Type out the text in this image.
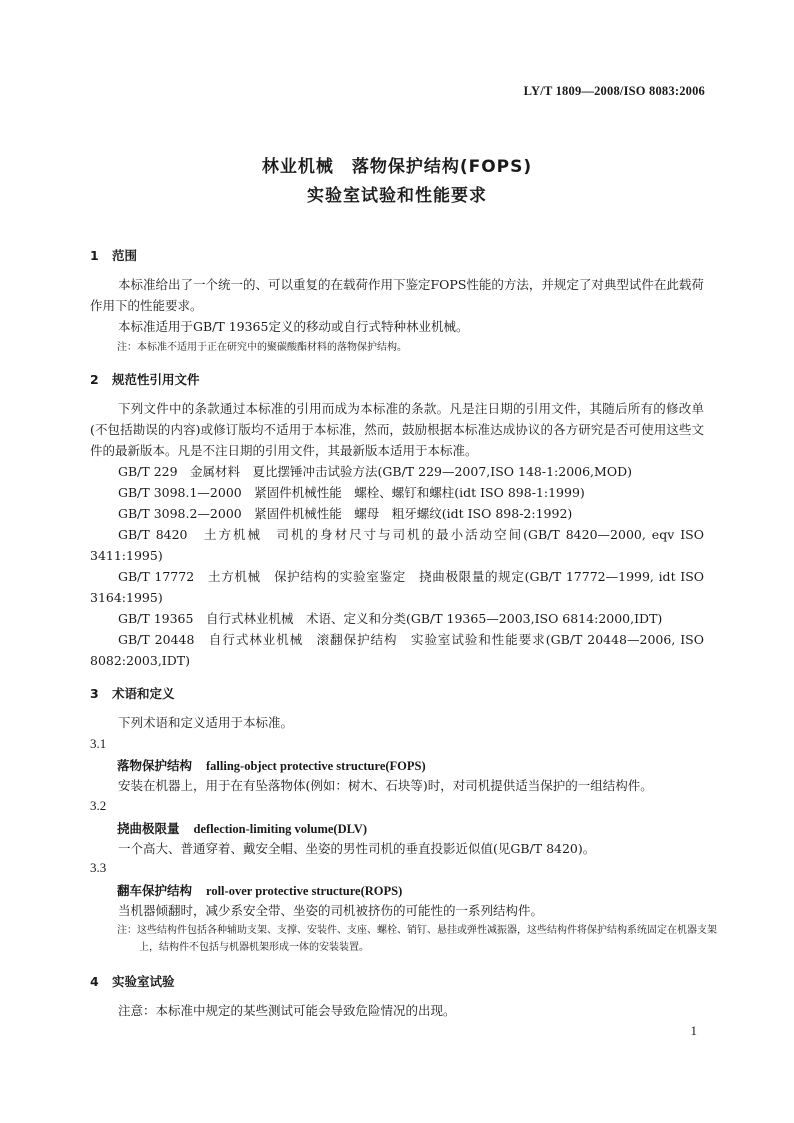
LY/T 1809—2008/ISO 8083:2006
林业机械　落物保护结构(FOPS)
实验室试验和性能要求
1 范围
本标准给出了一个统一的、可以重复的在载荷作用下鉴定FOPS性能的方法，并规定了对典型试件在此载荷作用下的性能要求。
本标准适用于GB/T 19365定义的移动或自行式特种林业机械。
注：本标准不适用于正在研究中的聚碳酸酯材料的落物保护结构。
2 规范性引用文件
下列文件中的条款通过本标准的引用而成为本标准的条款。凡是注日期的引用文件，其随后所有的修改单(不包括勘误的内容)或修订版均不适用于本标准，然而，鼓励根据本标准达成协议的各方研究是否可使用这些文件的最新版本。凡是不注日期的引用文件，其最新版本适用于本标准。
GB/T 229　金属材料　夏比摆锤冲击试验方法(GB/T 229—2007,ISO 148-1:2006,MOD)
GB/T 3098.1—2000　紧固件机械性能　螺栓、螺钉和螺柱(idt ISO 898-1:1999)
GB/T 3098.2—2000　紧固件机械性能　螺母　粗牙螺纹(idt ISO 898-2:1992)
GB/T 8420　土方机械　司机的身材尺寸与司机的最小活动空间(GB/T 8420—2000, eqv ISO 3411:1995)
GB/T 17772　土方机械　保护结构的实验室鉴定　挠曲极限量的规定(GB/T 17772—1999, idt ISO 3164:1995)
GB/T 19365　自行式林业机械　术语、定义和分类(GB/T 19365—2003,ISO 6814:2000,IDT)
GB/T 20448　自行式林业机械　滚翻保护结构　实验室试验和性能要求(GB/T 20448—2006, ISO 8082:2003,IDT)
3 术语和定义
下列术语和定义适用于本标准。
3.1
落物保护结构 falling-object protective structure(FOPS)
安装在机器上，用于在有坠落物体(例如：树木、石块等)时，对司机提供适当保护的一组结构件。
3.2
挠曲极限量 deflection-limiting volume(DLV)
一个高大、普通穿着、戴安全帽、坐姿的男性司机的垂直投影近似值(见GB/T 8420)。
3.3
翻车保护结构 roll-over protective structure(ROPS)
当机器倾翻时，减少系安全带、坐姿的司机被挤伤的可能性的一系列结构件。
注：这些结构件包括各种辅助支架、支撑、安装件、支座、螺栓、销钉、悬挂或弹性减振器，这些结构件将保护结构系统固定在机器支架上，结构件不包括与机器机架形成一体的安装装置。
4 实验室试验
注意：本标准中规定的某些测试可能会导致危险情况的出现。
1
